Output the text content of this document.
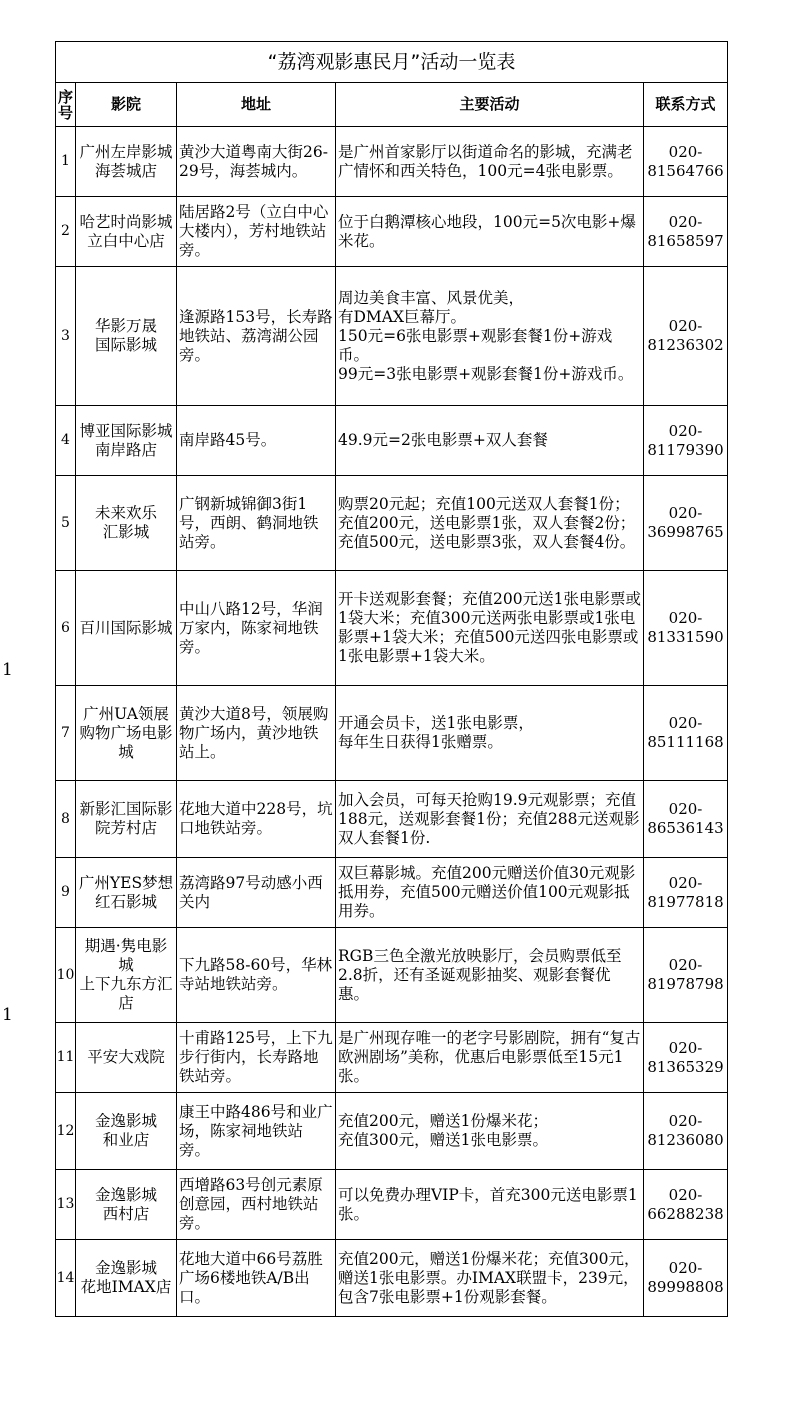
1
1
“荔湾观影惠民月”活动一览表				
序号	影院	地址	主要活动	联系方式
1	广州左岸影城
海荟城店	黄沙大道粤南大街26-29号，海荟城内。	是广州首家影厅以街道命名的影城，充满老广情怀和西关特色，100元=4张电影票。	020-81564766
2	哈艺时尚影城
立白中心店	陆居路2号（立白中心大楼内），芳村地铁站旁。	位于白鹅潭核心地段，100元=5次电影+爆米花。	020-81658597
3	华影万晟
国际影城	逢源路153号，长寿路地铁站、荔湾湖公园旁。	周边美食丰富、风景优美，
有DMAX巨幕厅。
150元=6张电影票+观影套餐1份+游戏币。
99元=3张电影票+观影套餐1份+游戏币。	020-81236302
4	博亚国际影城
南岸路店	南岸路45号。	49.9元=2张电影票+双人套餐	020-81179390
5	未来欢乐
汇影城	广钢新城锦御3街1号，西朗、鹤洞地铁站旁。	购票20元起；充值100元送双人套餐1份；充值200元，送电影票1张，双人套餐2份；充值500元，送电影票3张，双人套餐4份。	020-36998765
6	百川国际影城	中山八路12号，华润万家内，陈家祠地铁旁。	开卡送观影套餐；充值200元送1张电影票或1袋大米；充值300元送两张电影票或1张电影票+1袋大米；充值500元送四张电影票或1张电影票+1袋大米。	020-81331590
7	广州UA领展
购物广场电影城	黄沙大道8号，领展购物广场内，黄沙地铁站上。	开通会员卡，送1张电影票，
每年生日获得1张赠票。	020-85111168
8	新影汇国际影院芳村店	花地大道中228号，坑口地铁站旁。	加入会员，可每天抢购19.9元观影票；充值188元，送观影套餐1份；充值288元送观影双人套餐1份.	020-86536143
9	广州YES梦想
红石影城	荔湾路97号动感小西关内	双巨幕影城。充值200元赠送价值30元观影抵用券，充值500元赠送价值100元观影抵用券。	020-81977818
10	期遇·隽电影城
上下九东方汇店	下九路58-60号，华林寺站地铁站旁。	RGB三色全激光放映影厅，会员购票低至2.8折，还有圣诞观影抽奖、观影套餐优惠。	020-81978798
11	平安大戏院	十甫路125号，上下九步行街内，长寿路地铁站旁。	是广州现存唯一的老字号影剧院，拥有“复古欧洲剧场”美称，优惠后电影票低至15元1张。	020-81365329
12	金逸影城
和业店	康王中路486号和业广场，陈家祠地铁站旁。	充值200元，赠送1份爆米花；
充值300元，赠送1张电影票。	020-81236080
13	金逸影城
西村店	西增路63号创元素原创意园，西村地铁站旁。	可以免费办理VIP卡，首充300元送电影票1张。	020-66288238
14	金逸影城
花地IMAX店	花地大道中66号荔胜广场6楼地铁A/B出口。	充值200元，赠送1份爆米花；充值300元，赠送1张电影票。办IMAX联盟卡，239元，包含7张电影票+1份观影套餐。	020-89998808
